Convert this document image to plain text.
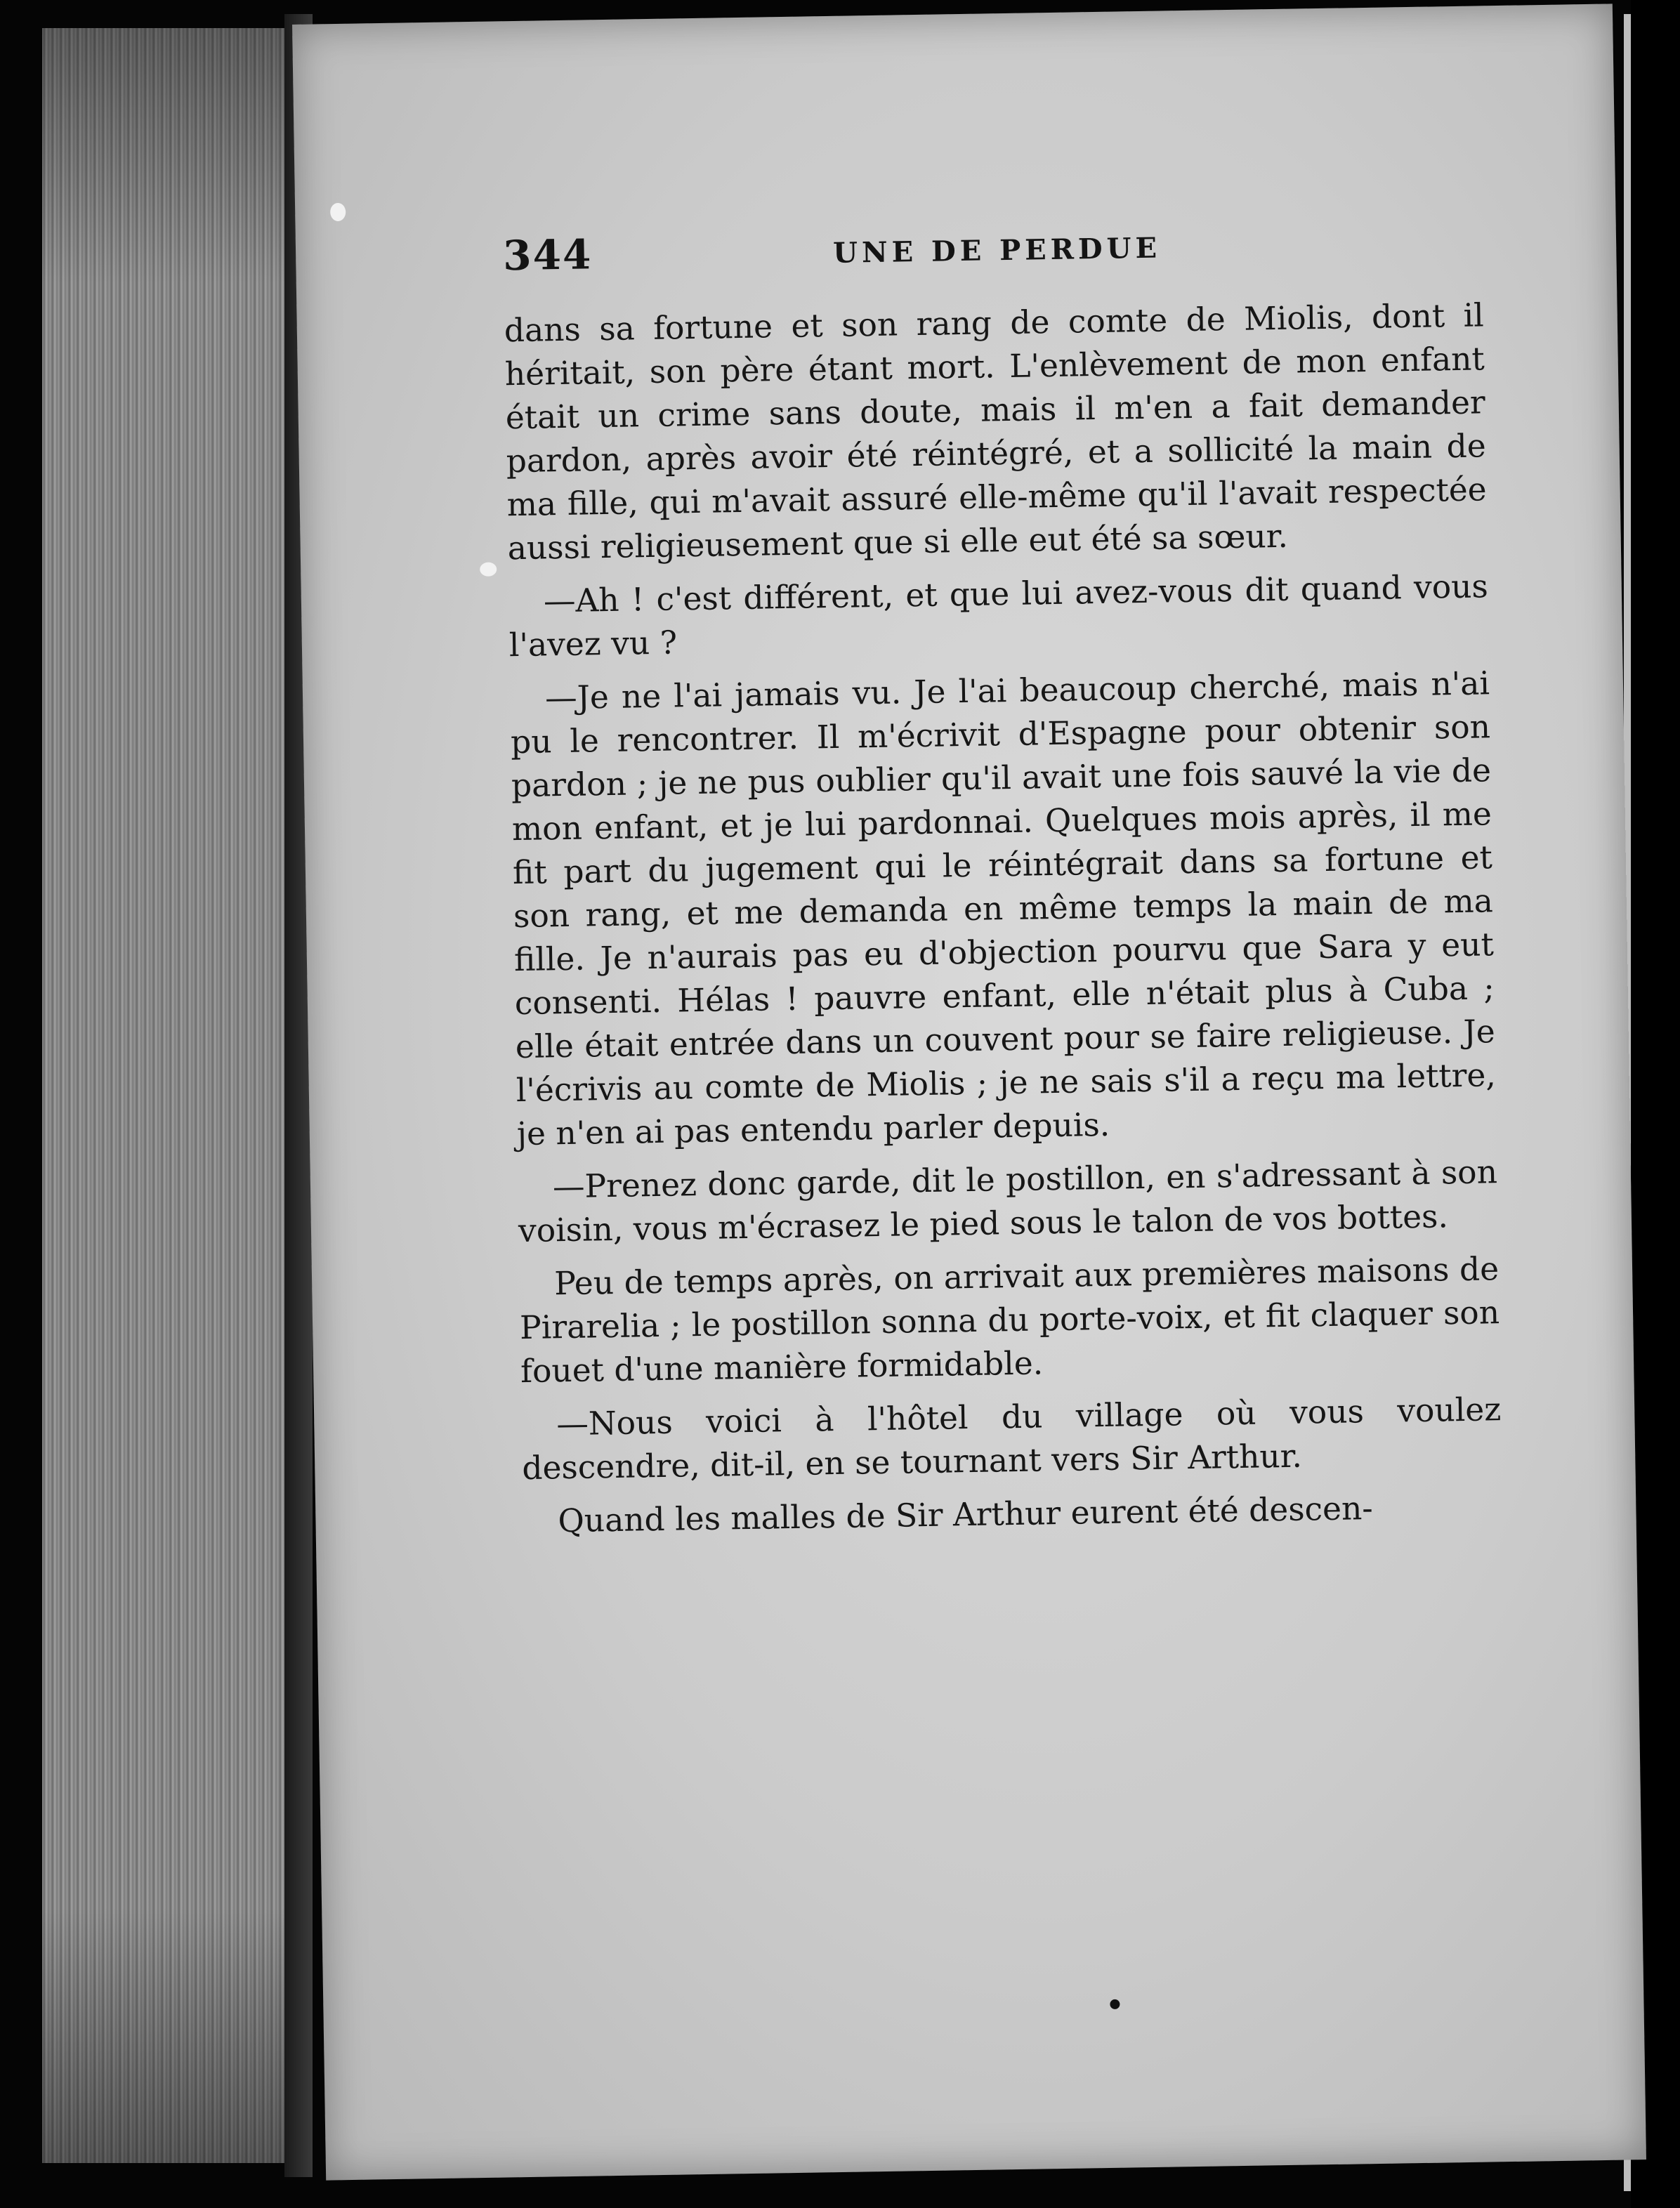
344	UNE DE PERDUE

dans sa fortune et son rang de comte de Miolis, dont il héritait, son père étant mort. L'enlèvement de mon enfant était un crime sans doute, mais il m'en a fait demander pardon, après avoir été réintégré, et a sollicité la main de ma fille, qui m'avait assuré elle-même qu'il l'avait respectée aussi religieusement que si elle eut été sa sœur.

—Ah ! c'est différent, et que lui avez-vous dit quand vous l'avez vu ?

—Je ne l'ai jamais vu. Je l'ai beaucoup cherché, mais n'ai pu le rencontrer. Il m'écrivit d'Espagne pour obtenir son pardon ; je ne pus oublier qu'il avait une fois sauvé la vie de mon enfant, et je lui pardonnai. Quelques mois après, il me fit part du jugement qui le réintégrait dans sa fortune et son rang, et me demanda en même temps la main de ma fille. Je n'aurais pas eu d'objection pourvu que Sara y eut consenti. Hélas ! pauvre enfant, elle n'était plus à Cuba ; elle était entrée dans un couvent pour se faire religieuse. Je l'écrivis au comte de Miolis ; je ne sais s'il a reçu ma lettre, je n'en ai pas entendu parler depuis.

—Prenez donc garde, dit le postillon, en s'adressant à son voisin, vous m'écrasez le pied sous le talon de vos bottes.

Peu de temps après, on arrivait aux premières maisons de Pirarelia ; le postillon sonna du porte-voix, et fit claquer son fouet d'une manière formidable.

—Nous voici à l'hôtel du village où vous voulez descendre, dit-il, en se tournant vers Sir Arthur.

Quand les malles de Sir Arthur eurent été descen-
